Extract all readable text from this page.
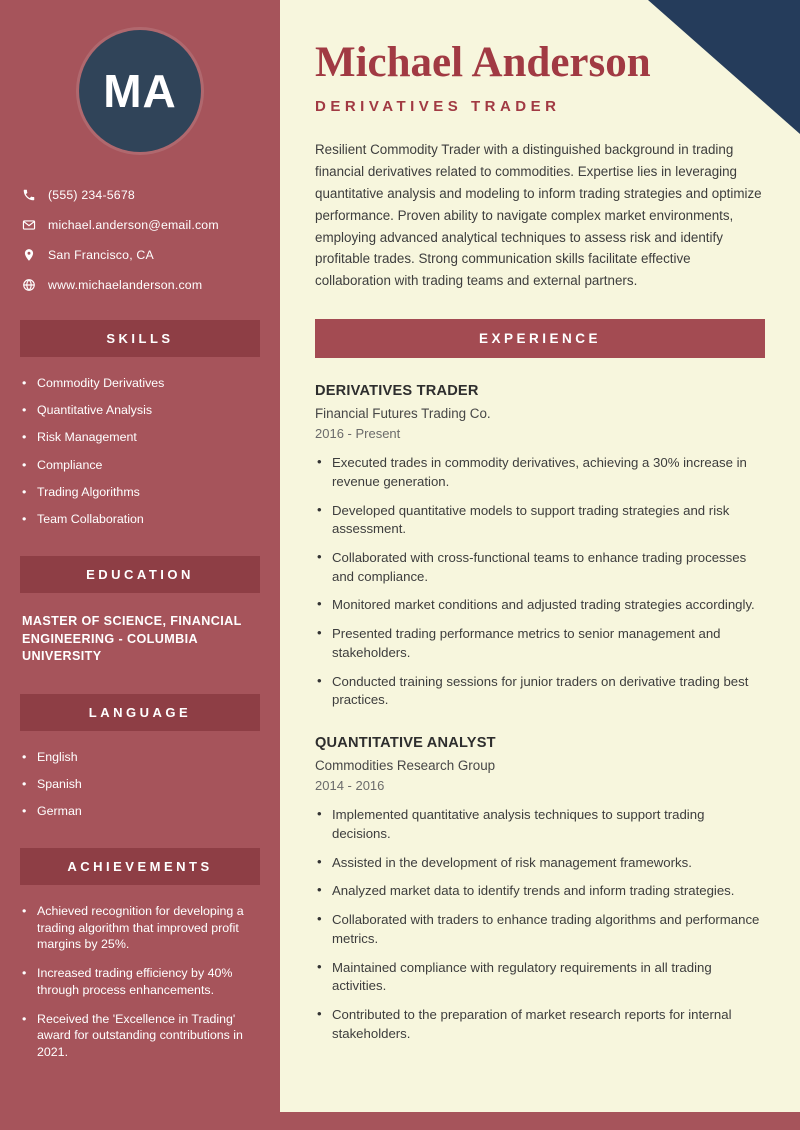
MA
(555) 234-5678
michael.anderson@email.com
San Francisco, CA
www.michaelanderson.com
SKILLS
• Commodity Derivatives
• Quantitative Analysis
• Risk Management
• Compliance
• Trading Algorithms
• Team Collaboration
EDUCATION
MASTER OF SCIENCE, FINANCIAL ENGINEERING - COLUMBIA UNIVERSITY
LANGUAGE
• English
• Spanish
• German
ACHIEVEMENTS
• Achieved recognition for developing a trading algorithm that improved profit margins by 25%.
• Increased trading efficiency by 40% through process enhancements.
• Received the 'Excellence in Trading' award for outstanding contributions in 2021.
Michael Anderson
DERIVATIVES TRADER

Resilient Commodity Trader with a distinguished background in trading financial derivatives related to commodities. Expertise lies in leveraging quantitative analysis and modeling to inform trading strategies and optimize performance. Proven ability to navigate complex market environments, employing advanced analytical techniques to assess risk and identify profitable trades. Strong communication skills facilitate effective collaboration with trading teams and external partners.

EXPERIENCE
DERIVATIVES TRADER
Financial Futures Trading Co.
2016 - Present
• Executed trades in commodity derivatives, achieving a 30% increase in revenue generation.
• Developed quantitative models to support trading strategies and risk assessment.
• Collaborated with cross-functional teams to enhance trading processes and compliance.
• Monitored market conditions and adjusted trading strategies accordingly.
• Presented trading performance metrics to senior management and stakeholders.
• Conducted training sessions for junior traders on derivative trading best practices.
QUANTITATIVE ANALYST
Commodities Research Group
2014 - 2016
• Implemented quantitative analysis techniques to support trading decisions.
• Assisted in the development of risk management frameworks.
• Analyzed market data to identify trends and inform trading strategies.
• Collaborated with traders to enhance trading algorithms and performance metrics.
• Maintained compliance with regulatory requirements in all trading activities.
• Contributed to the preparation of market research reports for internal stakeholders.
